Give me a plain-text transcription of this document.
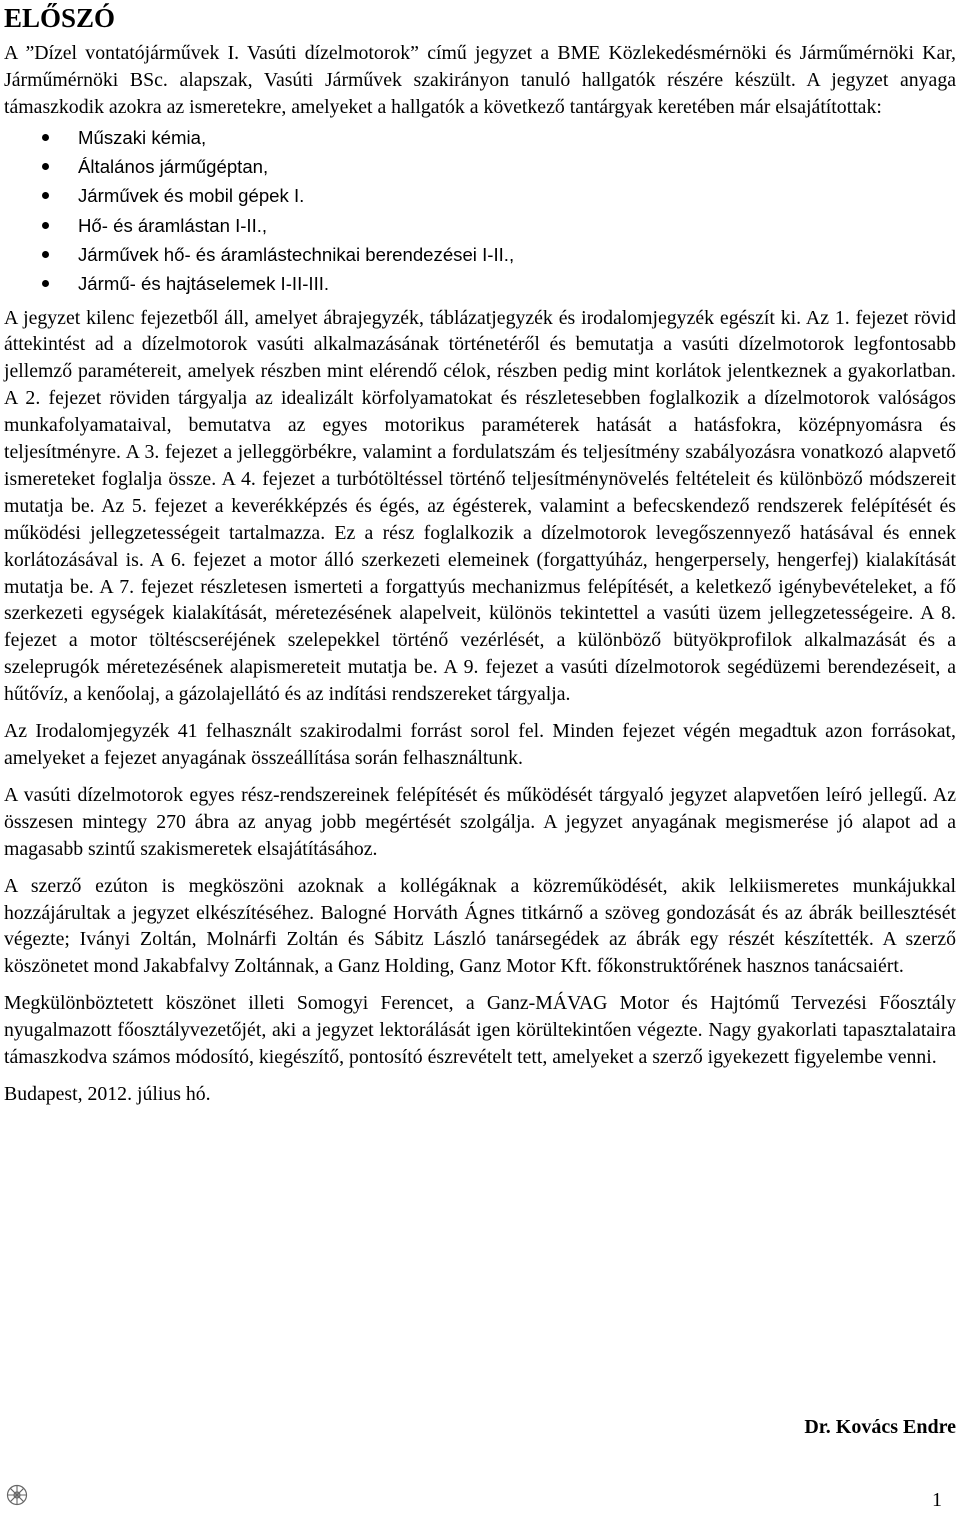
ELŐSZÓ

A ”Dízel vontatójárművek I. Vasúti dízelmotorok” című jegyzet a BME Közlekedésmérnöki és Járműmérnöki Kar, Járműmérnöki BSc. alapszak, Vasúti Járművek szakirányon tanuló hallgatók részére készült. A jegyzet anyaga támaszkodik azokra az ismeretekre, amelyeket a hallgatók a következő tantárgyak keretében már elsajátítottak:

Műszaki kémia,
Általános járműgéptan,
Járművek és mobil gépek I.
Hő- és áramlástan I-II.,
Járművek hő- és áramlástechnikai berendezései I-II.,
Jármű- és hajtáselemek I-II-III.

A jegyzet kilenc fejezetből áll, amelyet ábrajegyzék, táblázatjegyzék és irodalomjegyzék egészít ki. Az 1. fejezet rövid áttekintést ad a dízelmotorok vasúti alkalmazásának történetéről és bemutatja a vasúti dízelmotorok legfontosabb jellemző paramétereit, amelyek részben mint elérendő célok, részben pedig mint korlátok jelentkeznek a gyakorlatban. A 2. fejezet röviden tárgyalja az idealizált körfolyamatokat és részletesebben foglalkozik a dízelmotorok valóságos munkafolyamataival, bemutatva az egyes motorikus paraméterek hatását a hatásfokra, középnyomásra és teljesítményre. A 3. fejezet a jelleggörbékre, valamint a fordulatszám és teljesítmény szabályozásra vonatkozó alapvető ismereteket foglalja össze. A 4. fejezet a turbótöltéssel történő teljesítménynövelés feltételeit és különböző módszereit mutatja be. Az 5. fejezet a keverékképzés és égés, az égésterek, valamint a befecskendező rendszerek felépítését és működési jellegzetességeit tartalmazza. Ez a rész foglalkozik a dízelmotorok levegőszennyező hatásával és ennek korlátozásával is. A 6. fejezet a motor álló szerkezeti elemeinek (forgattyúház, hengerpersely, hengerfej) kialakítását mutatja be. A 7. fejezet részletesen ismerteti a forgattyús mechanizmus felépítését, a keletkező igénybevételeket, a fő szerkezeti egységek kialakítását, méretezésének alapelveit, különös tekintettel a vasúti üzem jellegzetességeire. A 8. fejezet a motor töltéscseréjének szelepekkel történő vezérlését, a különböző bütyökprofilok alkalmazását és a szeleprugók méretezésének alapismereteit mutatja be. A 9. fejezet a vasúti dízelmotorok segédüzemi berendezéseit, a hűtővíz, a kenőolaj, a gázolajellátó és az indítási rendszereket tárgyalja.

Az Irodalomjegyzék 41 felhasznált szakirodalmi forrást sorol fel. Minden fejezet végén megadtuk azon forrásokat, amelyeket a fejezet anyagának összeállítása során felhasználtunk.

A vasúti dízelmotorok egyes rész-rendszereinek felépítését és működését tárgyaló jegyzet alapvetően leíró jellegű. Az összesen mintegy 270 ábra az anyag jobb megértését szolgálja. A jegyzet anyagának megismerése jó alapot ad a magasabb szintű szakismeretek elsajátításához.

A szerző ezúton is megköszöni azoknak a kollégáknak a közreműködését, akik lelkiismeretes munkájukkal hozzájárultak a jegyzet elkészítéséhez. Balogné Horváth Ágnes titkárnő a szöveg gondozását és az ábrák beillesztését végezte; Iványi Zoltán, Molnárfi Zoltán és Sábitz László tanársegédek az ábrák egy részét készítették. A szerző köszönetet mond Jakabfalvy Zoltánnak, a Ganz Holding, Ganz Motor Kft. főkonstruktőrének hasznos tanácsaiért.

Megkülönböztetett köszönet illeti Somogyi Ferencet, a Ganz-MÁVAG Motor és Hajtómű Tervezési Főosztály nyugalmazott főosztályvezetőjét, aki a jegyzet lektorálását igen körültekintően végezte. Nagy gyakorlati tapasztalataira támaszkodva számos módosító, kiegészítő, pontosító észrevételt tett, amelyeket a szerző igyekezett figyelembe venni.

Budapest, 2012. július hó.

Dr. Kovács Endre
1
